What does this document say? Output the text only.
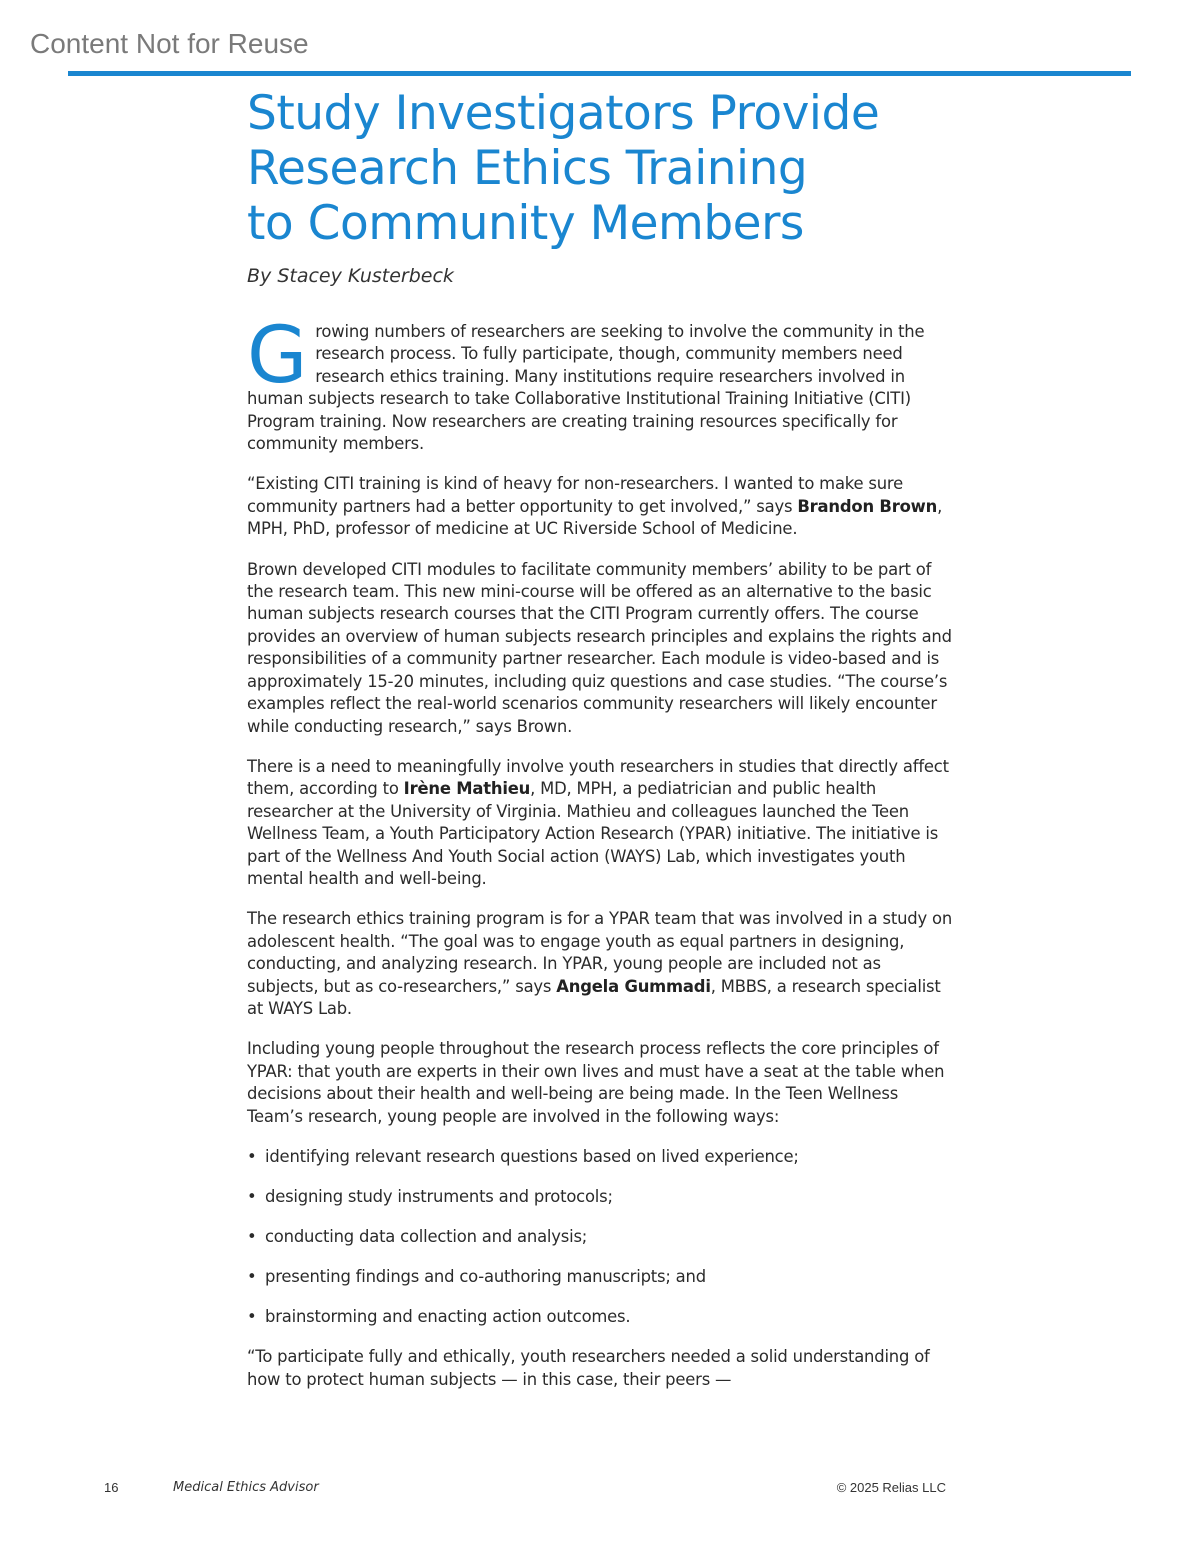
Content Not for Reuse
Study Investigators Provide
Research Ethics Training
to Community Members
By Stacey Kusterbeck

Growing numbers of researchers are seeking to involve the community in the research process. To fully participate, though, community members need research ethics training. Many institutions require researchers involved in human subjects research to take Collaborative Institutional Training Initiative (CITI) Program training. Now researchers are creating training resources specifically for community members.

“Existing CITI training is kind of heavy for non-researchers. I wanted to make sure community partners had a better opportunity to get involved,” says Brandon Brown, MPH, PhD, professor of medicine at UC Riverside School of Medicine.

Brown developed CITI modules to facilitate community members’ ability to be part of the research team. This new mini-course will be offered as an alternative to the basic human subjects research courses that the CITI Program currently offers. The course provides an overview of human subjects research principles and explains the rights and responsibilities of a community partner researcher. Each module is video-based and is approximately 15-20 minutes, including quiz questions and case studies. “The course’s examples reflect the real-world scenarios community researchers will likely encounter while conducting research,” says Brown.

There is a need to meaningfully involve youth researchers in studies that directly affect them, according to Irène Mathieu, MD, MPH, a pediatrician and public health researcher at the University of Virginia. Mathieu and colleagues launched the Teen Wellness Team, a Youth Participatory Action Research (YPAR) initiative. The initiative is part of the Wellness And Youth Social action (WAYS) Lab, which investigates youth mental health and well-being.

The research ethics training program is for a YPAR team that was involved in a study on adolescent health. “The goal was to engage youth as equal partners in designing, conducting, and analyzing research. In YPAR, young people are included not as subjects, but as co-researchers,” says Angela Gummadi, MBBS, a research specialist at WAYS Lab.

Including young people throughout the research process reflects the core principles of YPAR: that youth are experts in their own lives and must have a seat at the table when decisions about their health and well-being are being made. In the Teen Wellness Team’s research, young people are involved in the following ways:

• identifying relevant research questions based on lived experience;
• designing study instruments and protocols;
• conducting data collection and analysis;
• presenting findings and co-authoring manuscripts; and
• brainstorming and enacting action outcomes.

“To participate fully and ethically, youth researchers needed a solid understanding of how to protect human subjects — in this case, their peers —

16	Medical Ethics Advisor	© 2025 Relias LLC
